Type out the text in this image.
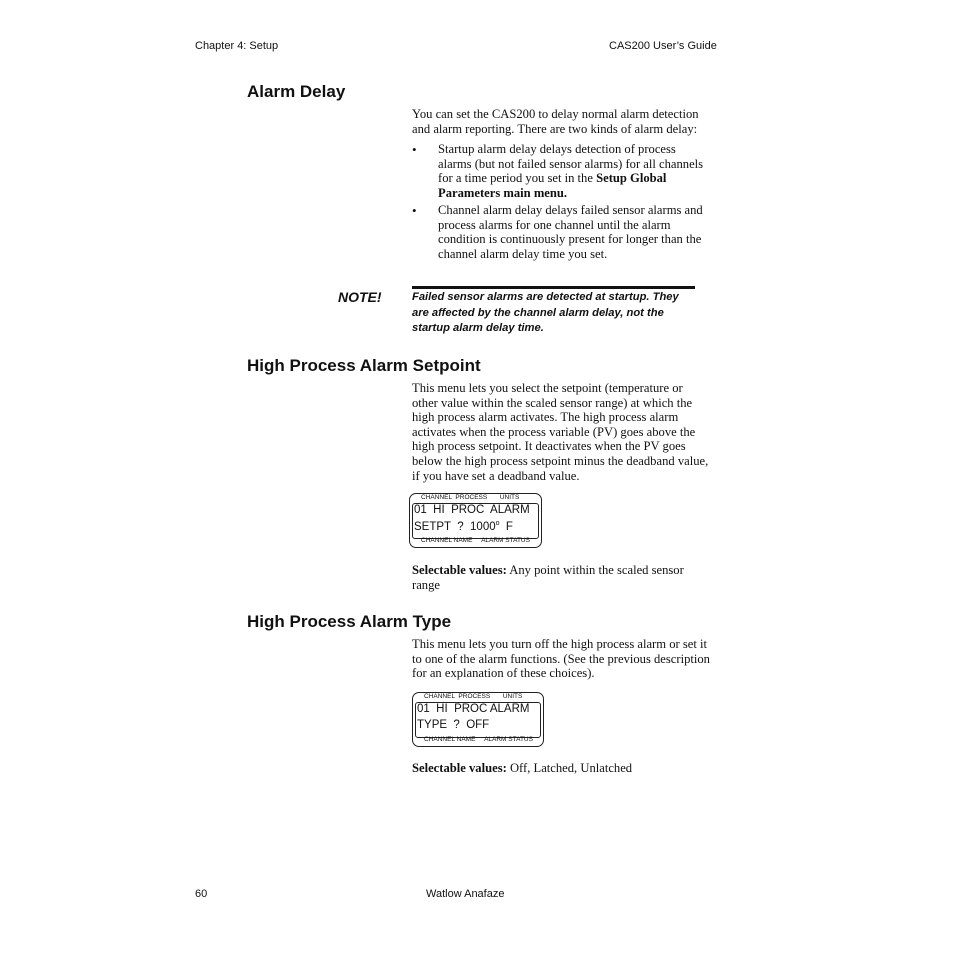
Chapter 4: Setup	CAS200 User’s Guide
Alarm Delay
You can set the CAS200 to delay normal alarm detection
and alarm reporting. There are two kinds of alarm delay:
• Startup alarm delay delays detection of process
alarms (but not failed sensor alarms) for all channels
for a time period you set in the Setup Global
Parameters main menu.
• Channel alarm delay delays failed sensor alarms and
process alarms for one channel until the alarm
condition is continuously present for longer than the
channel alarm delay time you set.
NOTE!	Failed sensor alarms are detected at startup. They
are affected by the channel alarm delay, not the
startup alarm delay time.
High Process Alarm Setpoint
This menu lets you select the setpoint (temperature or
other value within the scaled sensor range) at which the
high process alarm activates. The high process alarm
activates when the process variable (PV) goes above the
high process setpoint. It deactivates when the PV goes
below the high process setpoint minus the deadband value,
if you have set a deadband value.
CHANNEL  PROCESS       UNITS
01  HI  PROC  ALARM
SETPT  ?  1000$^o$  F
CHANNEL NAME     ALARM STATUS
Selectable values: Any point within the scaled sensor
range
High Process Alarm Type
This menu lets you turn off the high process alarm or set it
to one of the alarm functions. (See the previous description
for an explanation of these choices).
CHANNEL  PROCESS       UNITS
01  HI  PROC ALARM
TYPE  ?  OFF
CHANNEL NAME     ALARM STATUS
Selectable values: Off, Latched, Unlatched
60	Watlow Anafaze
